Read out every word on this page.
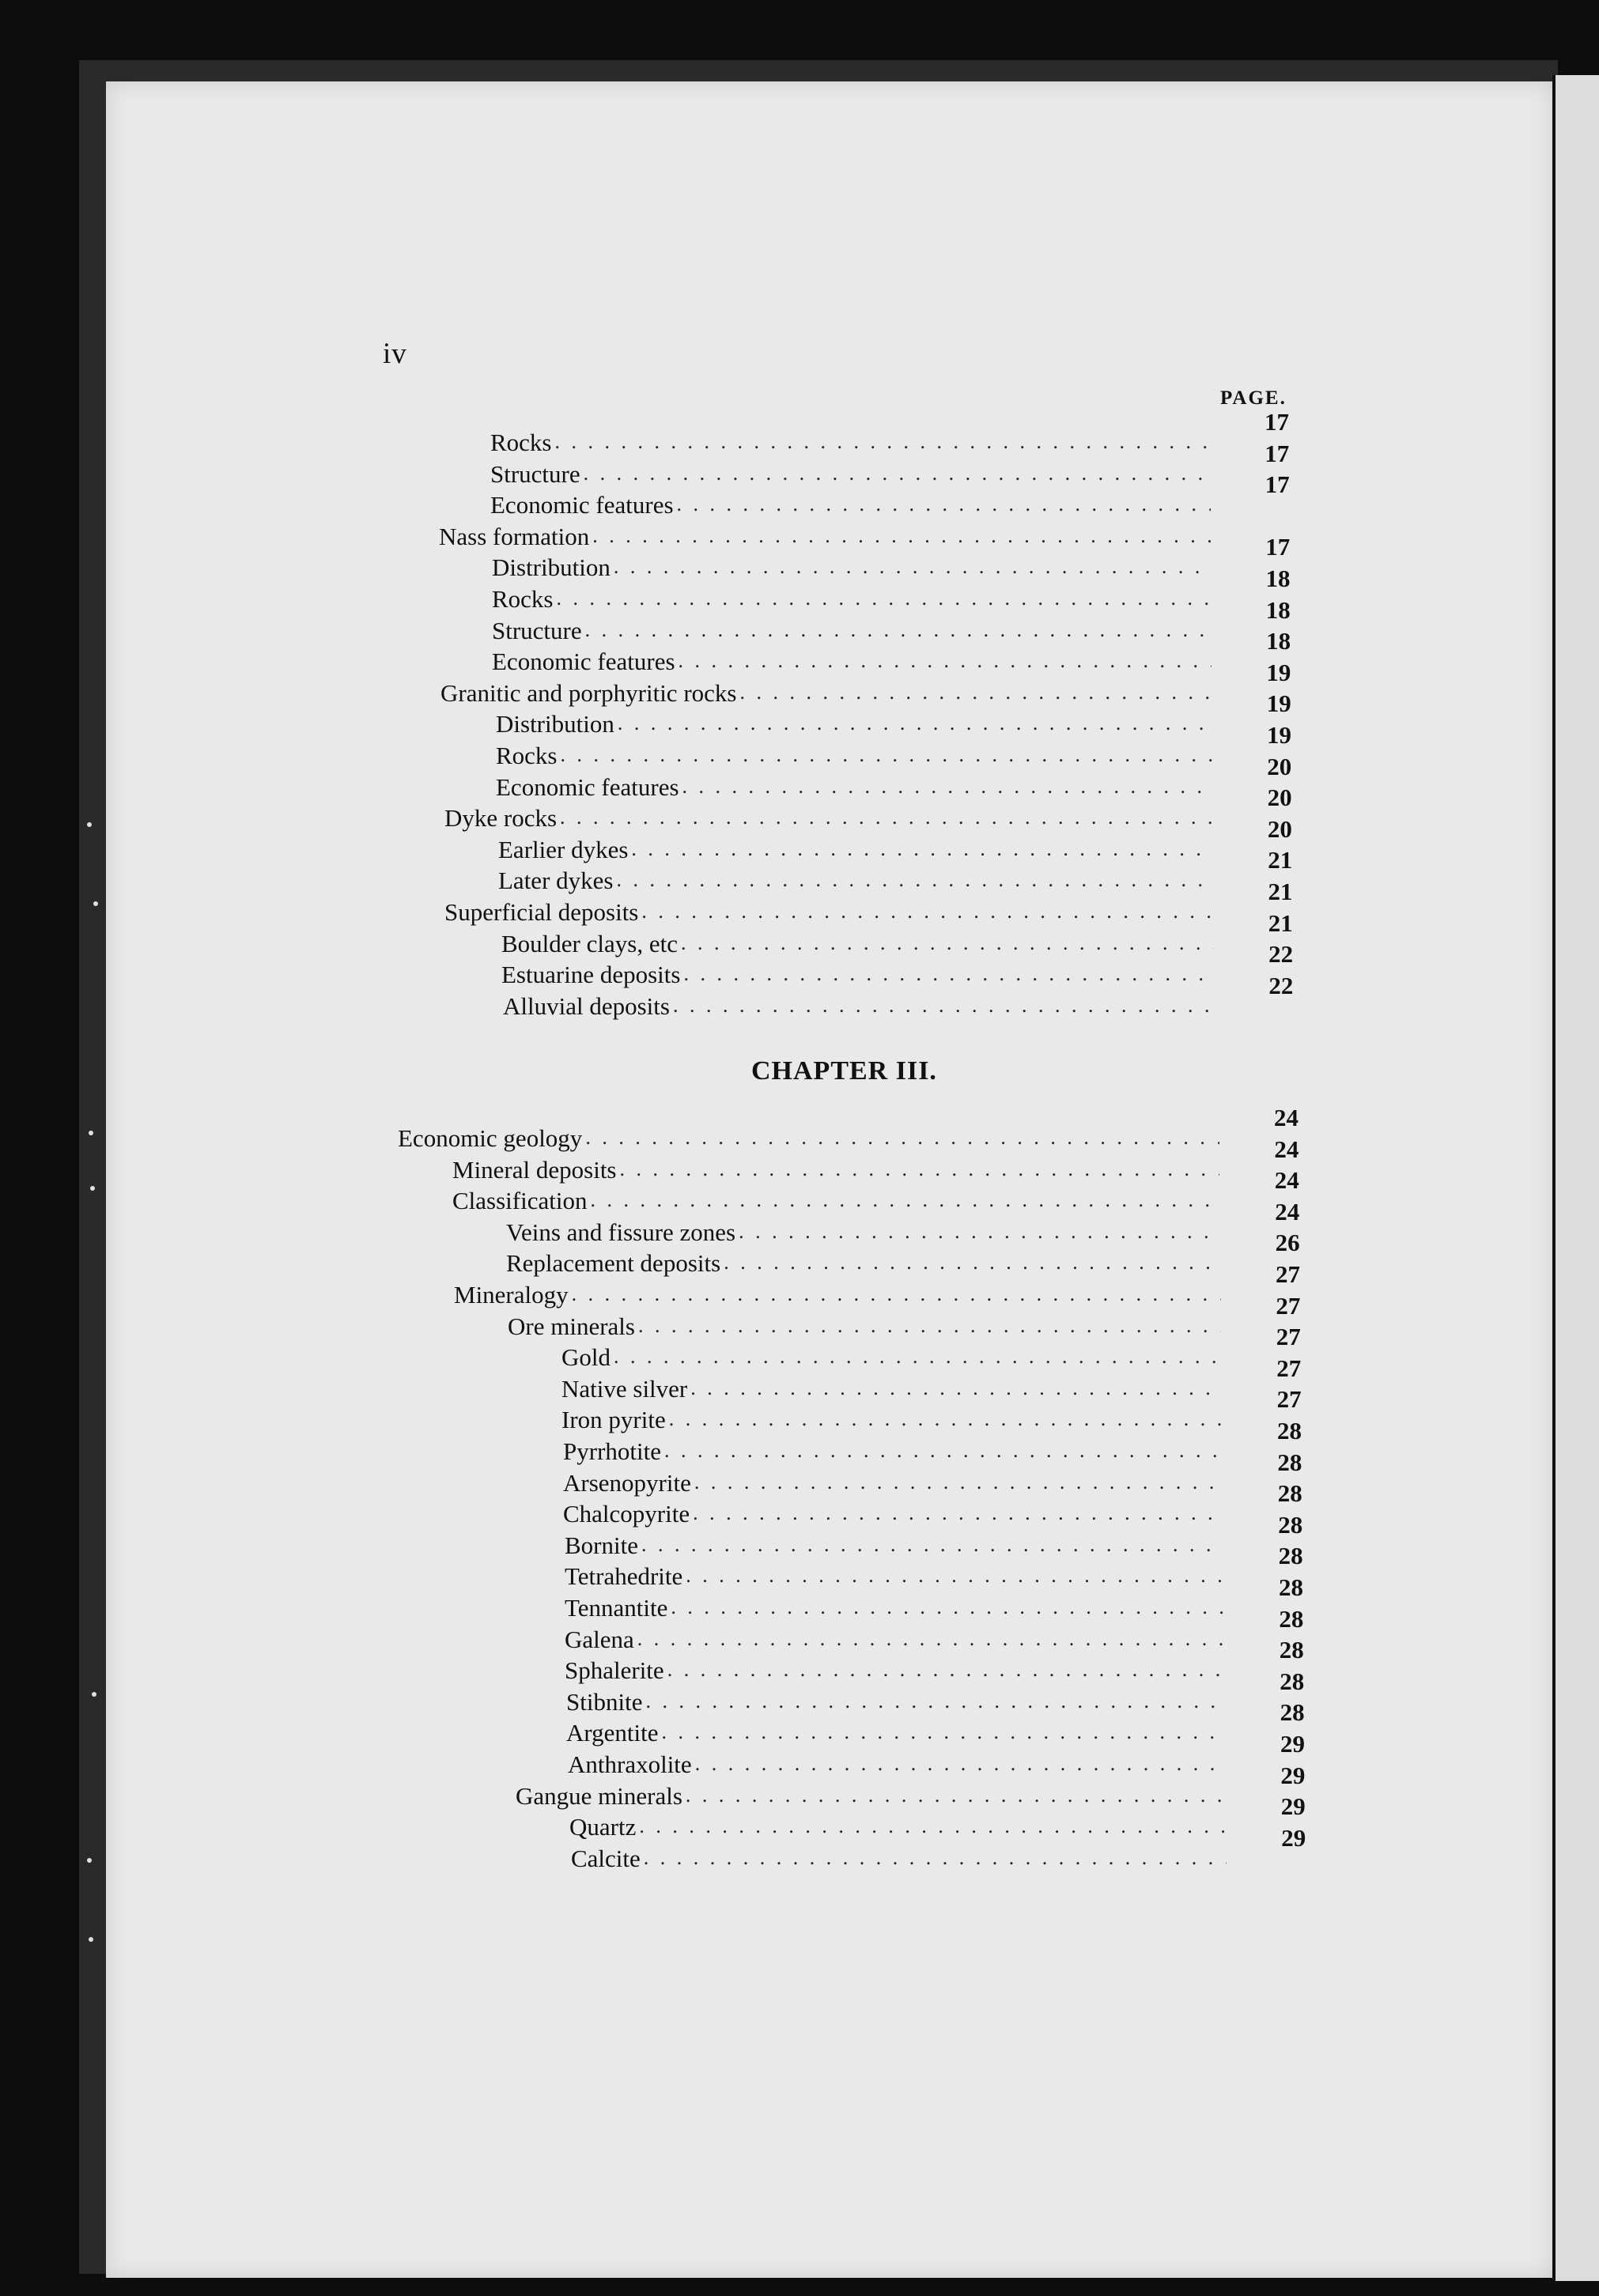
iv
PAGE.
CHAPTER III.
Rocks
. . .
17
Structure
. . .
17
Economic features
. . .
17
Nass formation
. . .
Distribution
. . .
17
Rocks
. . .
18
Structure
. . .
18
Economic features
. . .
18
Granitic and porphyritic rocks
. . .
19
Distribution
. . .
19
Rocks
. . .
19
Economic features
. . .
20
Dyke rocks
. . .
20
Earlier dykes
. . .
20
Later dykes
. . .
21
Superficial deposits
. . .
21
Boulder clays, etc
. . .
21
Estuarine deposits
. . .
22
Alluvial deposits
. . .
22
Economic geology
. . .
24
Mineral deposits
. . .
24
Classification
. . .
24
Veins and fissure zones
. . .
24
Replacement deposits
. . .
26
Mineralogy
. . .
27
Ore minerals
. . .
27
Gold
. . .
27
Native silver
. . .
27
Iron pyrite
. . .
27
Pyrrhotite
. . .
28
Arsenopyrite
. . .
28
Chalcopyrite
. . .
28
Bornite
. . .
28
Tetrahedrite
. . .
28
Tennantite
. . .
28
Galena
. . .
28
Sphalerite
. . .
28
Stibnite
. . .
28
Argentite
. . .
28
Anthraxolite
. . .
29
Gangue minerals
. . .
29
Quartz
. . .
29
Calcite
. . .
29
